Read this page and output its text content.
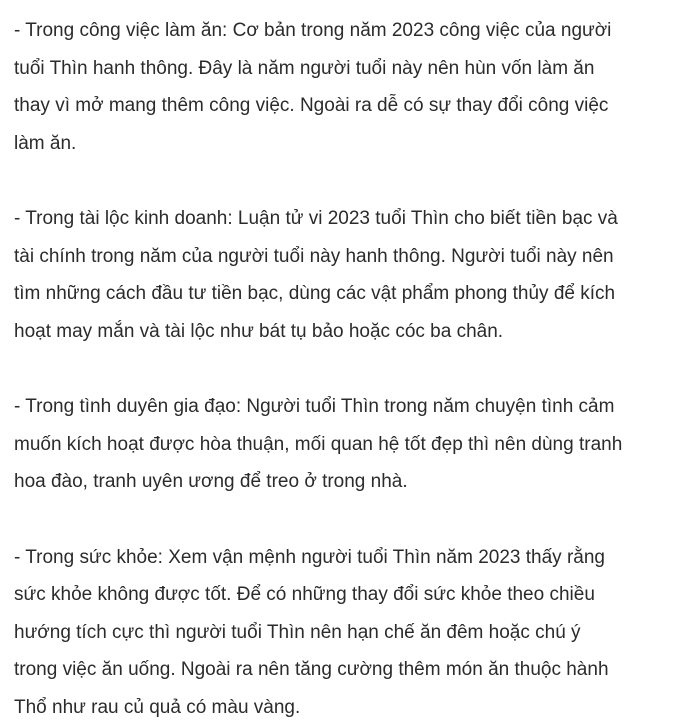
- Trong công việc làm ăn: Cơ bản trong năm 2023 công việc của người
tuổi Thìn hanh thông. Đây là năm người tuổi này nên hùn vốn làm ăn
thay vì mở mang thêm công việc. Ngoài ra dễ có sự thay đổi công việc
làm ăn.

- Trong tài lộc kinh doanh: Luận tử vi 2023 tuổi Thìn cho biết tiền bạc và
tài chính trong năm của người tuổi này hanh thông. Người tuổi này nên
tìm những cách đầu tư tiền bạc, dùng các vật phẩm phong thủy để kích
hoạt may mắn và tài lộc như bát tụ bảo hoặc cóc ba chân.

- Trong tình duyên gia đạo: Người tuổi Thìn trong năm chuyện tình cảm
muốn kích hoạt được hòa thuận, mối quan hệ tốt đẹp thì nên dùng tranh
hoa đào, tranh uyên ương để treo ở trong nhà.

- Trong sức khỏe: Xem vận mệnh người tuổi Thìn năm 2023 thấy rằng
sức khỏe không được tốt. Để có những thay đổi sức khỏe theo chiều
hướng tích cực thì người tuổi Thìn nên hạn chế ăn đêm hoặc chú ý
trong việc ăn uống. Ngoài ra nên tăng cường thêm món ăn thuộc hành
Thổ như rau củ quả có màu vàng.
